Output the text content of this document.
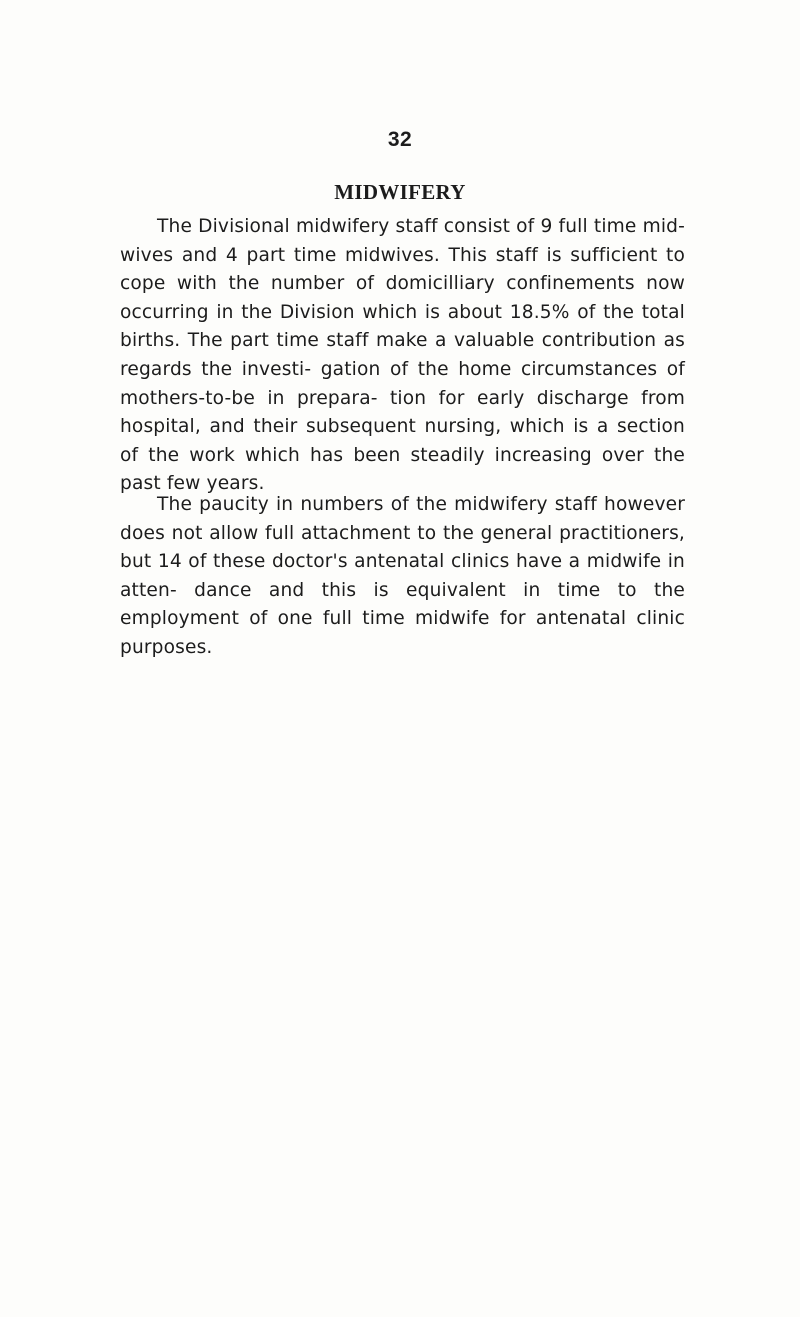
32
MIDWIFERY

The Divisional midwifery staff consist of 9 full time mid- wives and 4 part time midwives. This staff is sufficient to cope with the number of domicilliary confinements now occurring in the Division which is about 18.5% of the total births. The part time staff make a valuable contribution as regards the investi- gation of the home circumstances of mothers-to-be in prepara- tion for early discharge from hospital, and their subsequent nursing, which is a section of the work which has been steadily increasing over the past few years.

The paucity in numbers of the midwifery staff however does not allow full attachment to the general practitioners, but 14 of these doctor's antenatal clinics have a midwife in atten- dance and this is equivalent in time to the employment of one full time midwife for antenatal clinic purposes.
